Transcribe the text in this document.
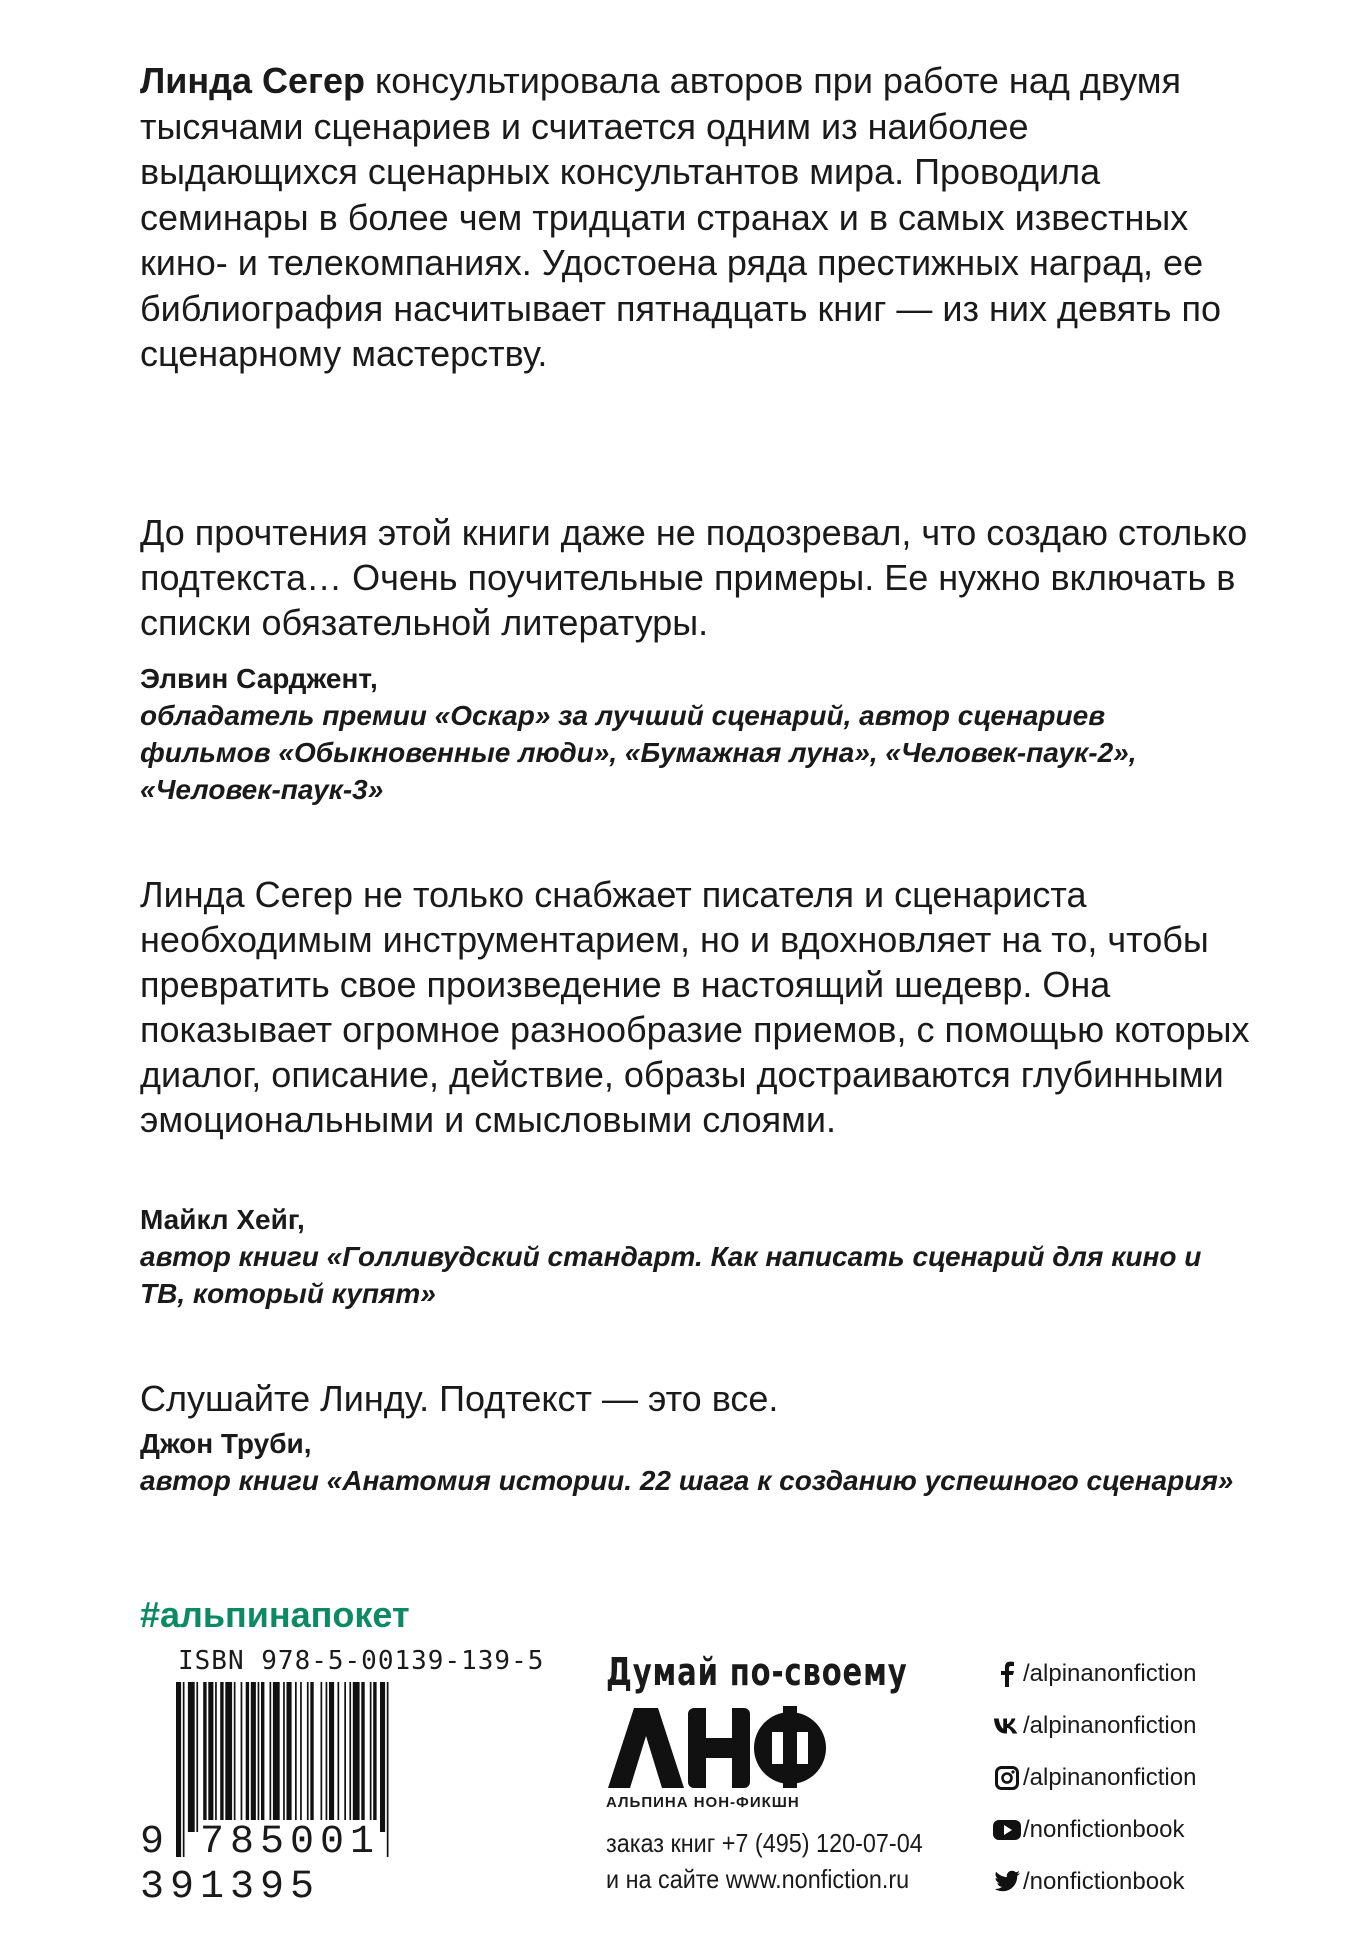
Линда Сегер консультировала авторов при работе над двумя тысячами сценариев и считается одним из наиболее выдающихся сценарных консультантов мира. Проводила семинары в более чем тридцати странах и в самых известных кино- и телекомпаниях. Удостоена ряда престижных наград, ее библиография насчитывает пятнадцать книг — из них девять по сценарному мастерству.

До прочтения этой книги даже не подозревал, что создаю столько подтекста… Очень поучительные примеры. Ее нужно включать в списки обязательной литературы.

Элвин Сарджент,
обладатель премии «Оскар» за лучший сценарий, автор сценариев фильмов «Обыкновенные люди», «Бумажная луна», «Человек-паук-2», «Человек-паук-3»

Линда Сегер не только снабжает писателя и сценариста необходимым инструментарием, но и вдохновляет на то, чтобы превратить свое произведение в настоящий шедевр. Она показывает огромное разнообразие приемов, с помощью которых диалог, описание, действие, образы достраиваются глубинными эмоциональными и смысловыми слоями.

Майкл Хейг,
автор книги «Голливудский стандарт. Как написать сценарий для кино и ТВ, который купят»

Слушайте Линду. Подтекст — это все.

Джон Труби,
автор книги «Анатомия истории. 22 шага к созданию успешного сценария»

#альпинапокет

ISBN 978-5-00139-139-5

9 785001 391395

Думай по-своему

АЛЬПИНА НОН-ФИКШН

заказ книг +7 (495) 120-07-04
и на сайте www.nonfiction.ru
/alpinanonfiction
/alpinanonfiction
/alpinanonfiction
/nonfictionbook
/nonfictionbook
